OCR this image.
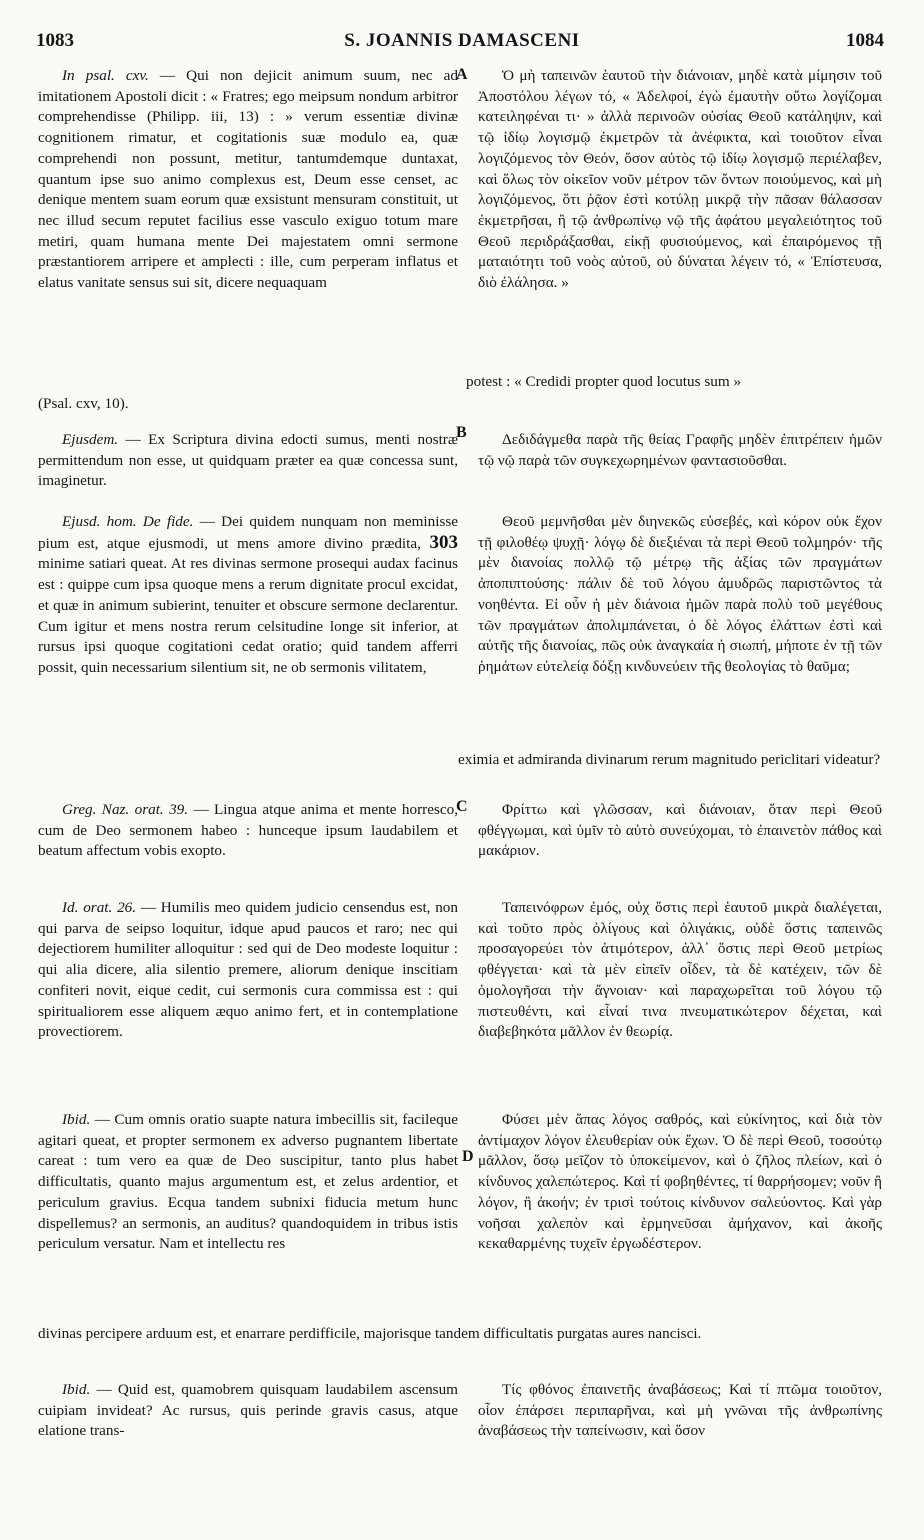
1083	S. JOANNIS DAMASCENI	1084

In psal. cxv. — Qui non dejicit animum suum, nec ad imitationem Apostoli dicit : « Fratres; ego meipsum nondum arbitror comprehendisse (Philipp. iii, 13) : » verum essentiæ divinæ cognitionem rimatur, et cogitationis suæ modulo ea, quæ comprehendi non possunt, metitur, tantumdemque duntaxat, quantum ipse suo animo complexus est, Deum esse censet, ac denique mentem suam eorum quæ exsistunt mensuram constituit, ut nec illud secum reputet facilius esse vasculo exiguo totum mare metiri, quam humana mente Dei majestatem omni sermone præstantiorem arripere et amplecti : ille, cum perperam inflatus et elatus vanitate sensus sui sit, dicere nequaquam

(Psal. cxv, 10).

A	Ὁ μὴ ταπεινῶν ἑαυτοῦ τὴν διάνοιαν, μηδὲ κατὰ μίμησιν τοῦ Ἀποστόλου λέγων τό, « Ἀδελφοί, ἐγὼ ἐμαυτὴν οὔτω λογίζομαι κατειληφέναι τι· » ἀλλὰ περινοῶν οὐσίας Θεοῦ κατάληψιν, καὶ τῷ ἰδίῳ λογισμῷ ἐκμετρῶν τὰ ἀνέφικτα, καὶ τοιοῦτον εἶναι λογιζόμενος τὸν Θεόν, ὅσον αὐτὸς τῷ ἰδίῳ λογισμῷ περιέλαβεν, καὶ ὅλως τὸν οἰκεῖον νοῦν μέτρον τῶν ὄντων ποιούμενος, καὶ μὴ λογιζόμενος, ὅτι ῥᾷον ἐστὶ κοτύλῃ μικρᾷ τὴν πᾶσαν θάλασσαν ἐκμετρῆσαι, ἢ τῷ ἀνθρωπίνῳ νῷ τῆς ἀφάτου μεγαλειότητος τοῦ Θεοῦ περιδράξασθαι, εἰκῇ φυσιούμενος, καὶ ἐπαιρόμενος τῇ ματαιότητι τοῦ νοὸς αὐτοῦ, οὐ δύναται λέγειν τό, « Ἐπίστευσα, διὸ ἐλάλησα. »

potest : « Credidi propter quod locutus sum »

B

Ejusdem. — Ex Scriptura divina edocti sumus, menti nostræ permittendum non esse, ut quidquam præter ea quæ concessa sunt, imaginetur.

Δεδιδάγμεθα παρὰ τῆς θείας Γραφῆς μηδὲν ἐπιτρέπειν ἡμῶν τῷ νῷ παρὰ τῶν συγκεχωρημένων φαντασιοῦσθαι.

Ejusd. hom. De fide. — Dei quidem nunquam non meminisse pium est, atque ejusmodi, ut mens amore divino prædita, 303 minime satiari queat. At res divinas sermone prosequi audax facinus est : quippe cum ipsa quoque mens a rerum dignitate procul excidat, et quæ in animum subierint, tenuiter et obscure sermone declarentur. Cum igitur et mens nostra rerum celsitudine longe sit inferior, at rursus ipsi quoque cogitationi cedat oratio; quid tandem afferri possit, quin necessarium silentium sit, ne ob sermonis vilitatem,

Θεοῦ μεμνῆσθαι μὲν διηνεκῶς εὐσεβές, καὶ κόρον οὐκ ἔχον τῇ φιλοθέῳ ψυχῇ· λόγῳ δὲ διεξιέναι τὰ περὶ Θεοῦ τολμηρόν· τῆς μὲν διανοίας πολλῷ τῷ μέτρῳ τῆς ἀξίας τῶν πραγμάτων ἀποπιπτούσης· πάλιν δὲ τοῦ λόγου ἀμυδρῶς παριστῶντος τὰ νοηθέντα. Εἰ οὖν ἡ μὲν διάνοια ἡμῶν παρὰ πολὺ τοῦ μεγέθους τῶν πραγμάτων ἀπολιμπάνεται, ὁ δὲ λόγος ἐλάττων ἐστὶ καὶ αὐτῆς τῆς διανοίας, πῶς οὐκ ἀναγκαία ἡ σιωπή, μήποτε ἐν τῇ τῶν ῥημάτων εὐτελείᾳ δόξῃ κινδυνεύειν τῆς θεολογίας τὸ θαῦμα;

eximia et admiranda divinarum rerum magnitudo periclitari videatur?

C

Greg. Naz. orat. 39. — Lingua atque anima et mente horresco, cum de Deo sermonem habeo : hunceque ipsum laudabilem et beatum affectum vobis exopto.

Φρίττω καὶ γλῶσσαν, καὶ διάνοιαν, ὅταν περὶ Θεοῦ φθέγγωμαι, καὶ ὑμῖν τὸ αὐτὸ συνεύχομαι, τὸ ἐπαινετὸν πάθος καὶ μακάριον.

Id. orat. 26. — Humilis meo quidem judicio censendus est, non qui parva de seipso loquitur, idque apud paucos et raro; nec qui dejectiorem humiliter alloquitur : sed qui de Deo modeste loquitur : qui alia dicere, alia silentio premere, aliorum denique inscitiam confiteri novit, eique cedit, cui sermonis cura commissa est : qui spiritualiorem esse aliquem æquo animo fert, et in contemplatione provectiorem.

Ταπεινόφρων ἐμός, οὐχ ὅστις περὶ ἑαυτοῦ μικρὰ διαλέγεται, καὶ τοῦτο πρὸς ὀλίγους καὶ ὀλιγάκις, οὐδὲ ὅστις ταπεινῶς προσαγορεύει τὸν ἀτιμότερον, ἀλλ᾽ ὅστις περὶ Θεοῦ μετρίως φθέγγεται· καὶ τὰ μὲν εἰπεῖν οἶδεν, τὰ δὲ κατέχειν, τῶν δὲ ὁμολογῆσαι τὴν ἄγνοιαν· καὶ παραχωρεῖται τοῦ λόγου τῷ πιστευθέντι, καὶ εἶναί τινα πνευματικώτερον δέχεται, καὶ διαβεβηκότα μᾶλλον ἐν θεωρίᾳ.

D

Ibid. — Cum omnis oratio suapte natura imbecillis sit, facileque agitari queat, et propter sermonem ex adverso pugnantem libertate careat : tum vero ea quæ de Deo suscipitur, tanto plus habet difficultatis, quanto majus argumentum est, et zelus ardentior, et periculum gravius. Ecqua tandem subnixi fiducia metum hunc dispellemus? an sermonis, an auditus? quandoquidem in tribus istis periculum versatur. Nam et intellectu res

Φύσει μὲν ἅπας λόγος σαθρός, καὶ εὐκίνητος, καὶ διὰ τὸν ἀντίμαχον λόγον ἐλευθερίαν οὐκ ἔχων. Ὁ δὲ περὶ Θεοῦ, τοσούτῳ μᾶλλον, ὅσῳ μεῖζον τὸ ὑποκείμενον, καὶ ὁ ζῆλος πλείων, καὶ ὁ κίνδυνος χαλεπώτερος. Καὶ τί φοβηθέντες, τί θαρρήσομεν; νοῦν ἢ λόγον, ἢ ἀκοήν; ἐν τρισὶ τούτοις κίνδυνον σαλεύοντος. Καὶ γὰρ νοῆσαι χαλεπὸν καὶ ἑρμηνεῦσαι ἀμήχανον, καὶ ἀκοῆς κεκαθαρμένης τυχεῖν ἐργωδέστερον.

divinas percipere arduum est, et enarrare perdifficile, majorisque tandem difficultatis purgatas aures nancisci.

Ibid. — Quid est, quamobrem quisquam laudabilem ascensum cuipiam invideat? Ac rursus, quis perinde gravis casus, atque elatione trans-

Τίς φθόνος ἐπαινετῆς ἀναβάσεως; Καὶ τί πτῶμα τοιοῦτον, οἷον ἐπάρσει περιπαρῆναι, καὶ μὴ γνῶναι τῆς ἀνθρωπίνης ἀναβάσεως τὴν ταπείνωσιν, καὶ ὅσον
